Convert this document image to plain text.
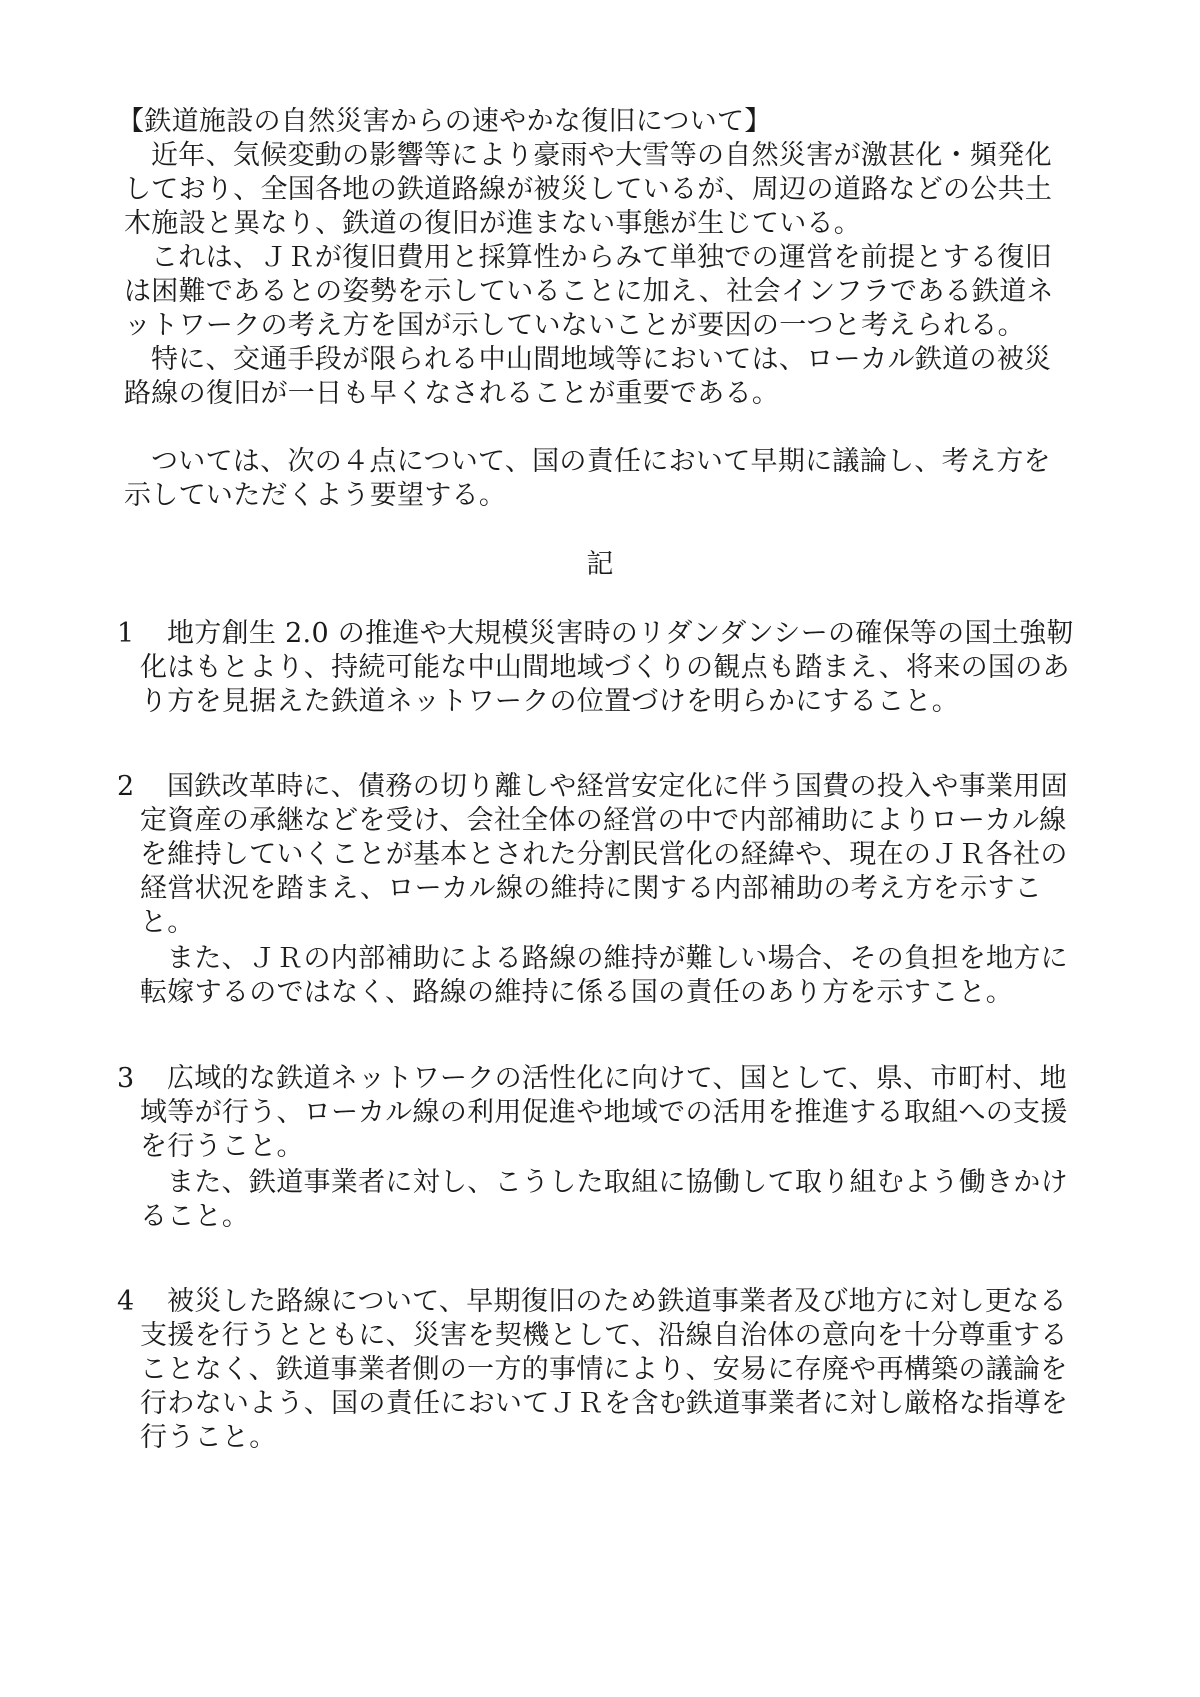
【鉄道施設の自然災害からの速やかな復旧について】
近年、気候変動の影響等により豪雨や大雪等の自然災害が激甚化・頻発化
しており、全国各地の鉄道路線が被災しているが、周辺の道路などの公共土
木施設と異なり、鉄道の復旧が進まない事態が生じている。
これは、ＪＲが復旧費用と採算性からみて単独での運営を前提とする復旧
は困難であるとの姿勢を示していることに加え、社会インフラである鉄道ネ
ットワークの考え方を国が示していないことが要因の一つと考えられる。
特に、交通手段が限られる中山間地域等においては、ローカル鉄道の被災
路線の復旧が一日も早くなされることが重要である。
ついては、次の４点について、国の責任において早期に議論し、考え方を
示していただくよう要望する。
記
1 地方創生 2.0 の推進や大規模災害時のリダンダンシーの確保等の国土強靭
化はもとより、持続可能な中山間地域づくりの観点も踏まえ、将来の国のあ
り方を見据えた鉄道ネットワークの位置づけを明らかにすること。
2 国鉄改革時に、債務の切り離しや経営安定化に伴う国費の投入や事業用固
定資産の承継などを受け、会社全体の経営の中で内部補助によりローカル線
を維持していくことが基本とされた分割民営化の経緯や、現在のＪＲ各社の
経営状況を踏まえ、ローカル線の維持に関する内部補助の考え方を示すこ
と。
また、ＪＲの内部補助による路線の維持が難しい場合、その負担を地方に
転嫁するのではなく、路線の維持に係る国の責任のあり方を示すこと。
3 広域的な鉄道ネットワークの活性化に向けて、国として、県、市町村、地
域等が行う、ローカル線の利用促進や地域での活用を推進する取組への支援
を行うこと。
また、鉄道事業者に対し、こうした取組に協働して取り組むよう働きかけ
ること。
4 被災した路線について、早期復旧のため鉄道事業者及び地方に対し更なる
支援を行うとともに、災害を契機として、沿線自治体の意向を十分尊重する
ことなく、鉄道事業者側の一方的事情により、安易に存廃や再構築の議論を
行わないよう、国の責任においてＪＲを含む鉄道事業者に対し厳格な指導を
行うこと。
